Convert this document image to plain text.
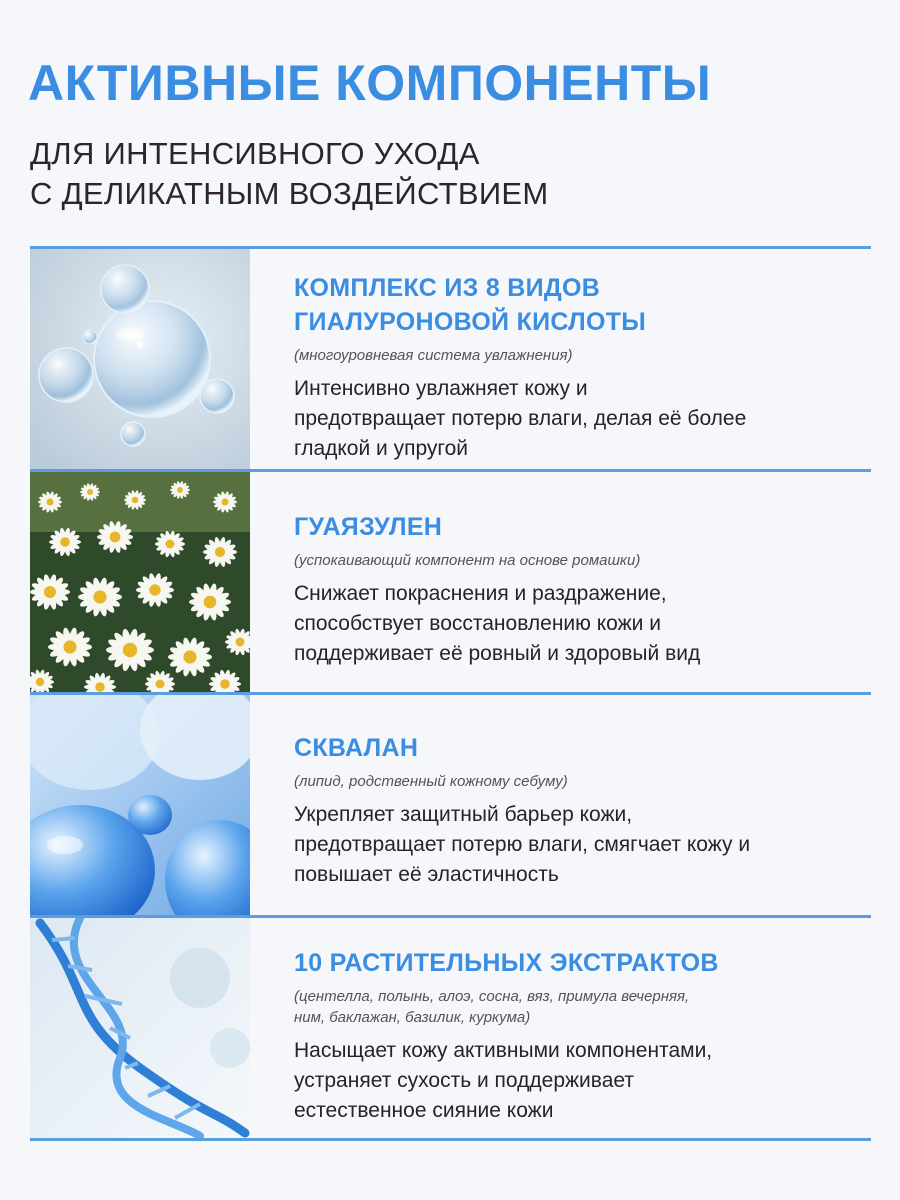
АКТИВНЫЕ КОМПОНЕНТЫ
ДЛЯ ИНТЕНСИВНОГО УХОДА
С ДЕЛИКАТНЫМ ВОЗДЕЙСТВИЕМ
КОМПЛЕКС ИЗ 8 ВИДОВ
ГИАЛУРОНОВОЙ КИСЛОТЫ
(многоуровневая система увлажнения)
Интенсивно увлажняет кожу и
предотвращает потерю влаги, делая её более
гладкой и упругой
ГУАЯЗУЛЕН
(успокаивающий компонент на основе ромашки)
Снижает покраснения и раздражение,
способствует восстановлению кожи и
поддерживает её ровный и здоровый вид
СКВАЛАН
(липид, родственный кожному себуму)
Укрепляет защитный барьер кожи,
предотвращает потерю влаги, смягчает кожу и
повышает её эластичность
10 РАСТИТЕЛЬНЫХ ЭКСТРАКТОВ
(центелла, полынь, алоэ, сосна, вяз, примула вечерняя,
ним, баклажан, базилик, куркума)
Насыщает кожу активными компонентами,
устраняет сухость и поддерживает
естественное сияние кожи
